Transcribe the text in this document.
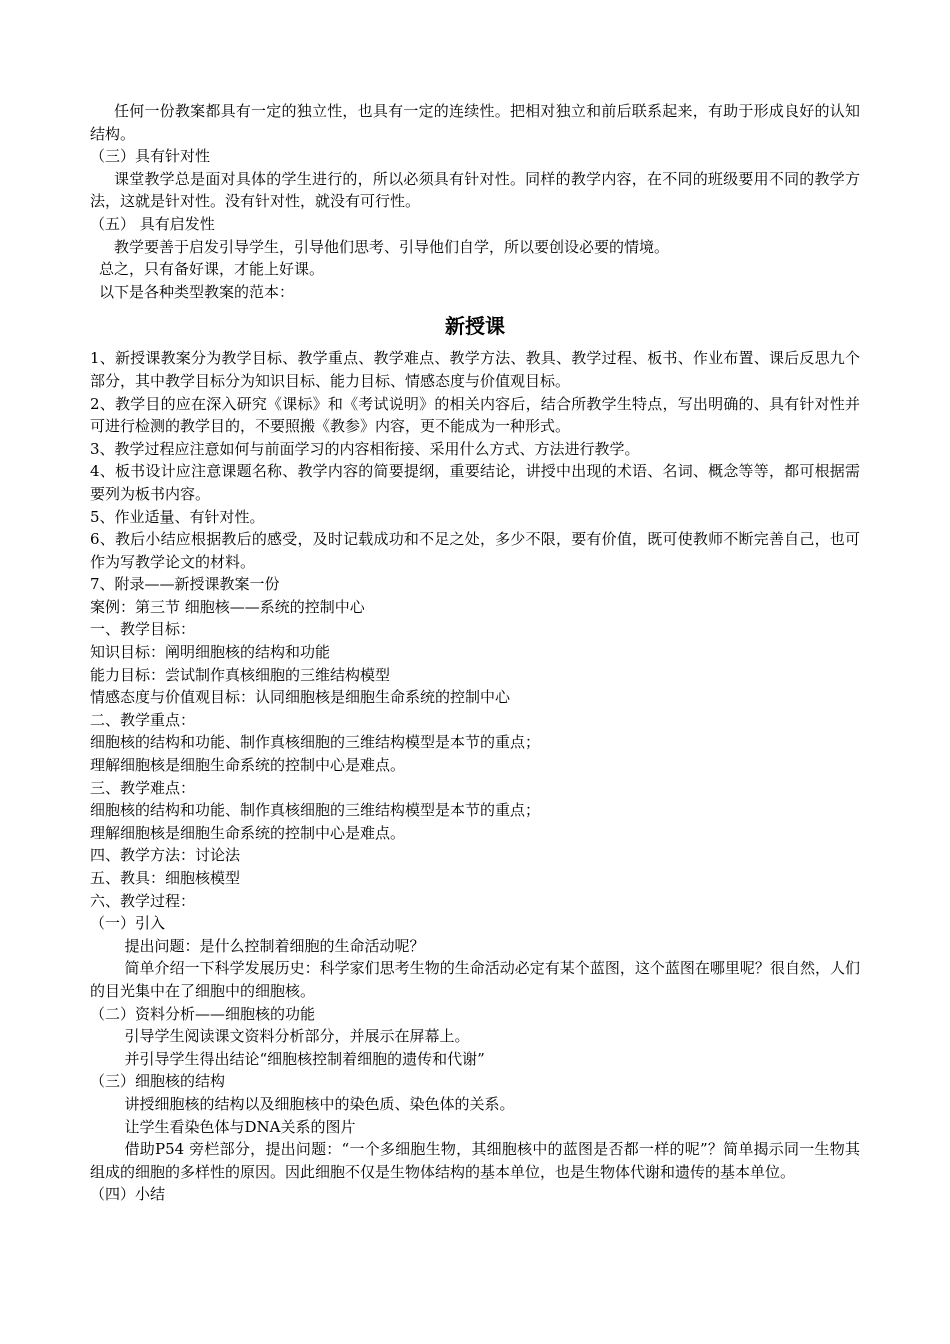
任何一份教案都具有一定的独立性，也具有一定的连续性。把相对独立和前后联系起来，有助于形成良好的认知结构。

（三）具有针对性

课堂教学总是面对具体的学生进行的，所以必须具有针对性。同样的教学内容，在不同的班级要用不同的教学方法，这就是针对性。没有针对性，就没有可行性。

（五） 具有启发性

教学要善于启发引导学生，引导他们思考、引导他们自学，所以要创设必要的情境。

总之，只有备好课，才能上好课。

以下是各种类型教案的范本：

新授课

1、新授课教案分为教学目标、教学重点、教学难点、教学方法、教具、教学过程、板书、作业布置、课后反思九个部分，其中教学目标分为知识目标、能力目标、情感态度与价值观目标。

2、教学目的应在深入研究《课标》和《考试说明》的相关内容后，结合所教学生特点，写出明确的、具有针对性并可进行检测的教学目的，不要照搬《教参》内容，更不能成为一种形式。

3、教学过程应注意如何与前面学习的内容相衔接、采用什么方式、方法进行教学。

4、板书设计应注意课题名称、教学内容的简要提纲，重要结论，讲授中出现的术语、名词、概念等等，都可根据需要列为板书内容。

5、作业适量、有针对性。

6、教后小结应根据教后的感受，及时记载成功和不足之处，多少不限，要有价值，既可使教师不断完善自己，也可作为写教学论文的材料。

7、附录——新授课教案一份

案例：第三节 细胞核——系统的控制中心

一、教学目标：

知识目标：阐明细胞核的结构和功能

能力目标：尝试制作真核细胞的三维结构模型

情感态度与价值观目标：认同细胞核是细胞生命系统的控制中心

二、教学重点：

细胞核的结构和功能、制作真核细胞的三维结构模型是本节的重点；

理解细胞核是细胞生命系统的控制中心是难点。

三、教学难点：

细胞核的结构和功能、制作真核细胞的三维结构模型是本节的重点；

理解细胞核是细胞生命系统的控制中心是难点。

四、教学方法：讨论法

五、教具：细胞核模型

六、教学过程：

（一）引入

提出问题：是什么控制着细胞的生命活动呢？

简单介绍一下科学发展历史：科学家们思考生物的生命活动必定有某个蓝图，这个蓝图在哪里呢？很自然，人们的目光集中在了细胞中的细胞核。

（二）资料分析——细胞核的功能

引导学生阅读课文资料分析部分，并展示在屏幕上。

并引导学生得出结论“细胞核控制着细胞的遗传和代谢”

（三）细胞核的结构

讲授细胞核的结构以及细胞核中的染色质、染色体的关系。

让学生看染色体与DNA关系的图片

借助P54 旁栏部分，提出问题：“一个多细胞生物，其细胞核中的蓝图是否都一样的呢”？简单揭示同一生物其组成的细胞的多样性的原因。因此细胞不仅是生物体结构的基本单位，也是生物体代谢和遗传的基本单位。

（四）小结
